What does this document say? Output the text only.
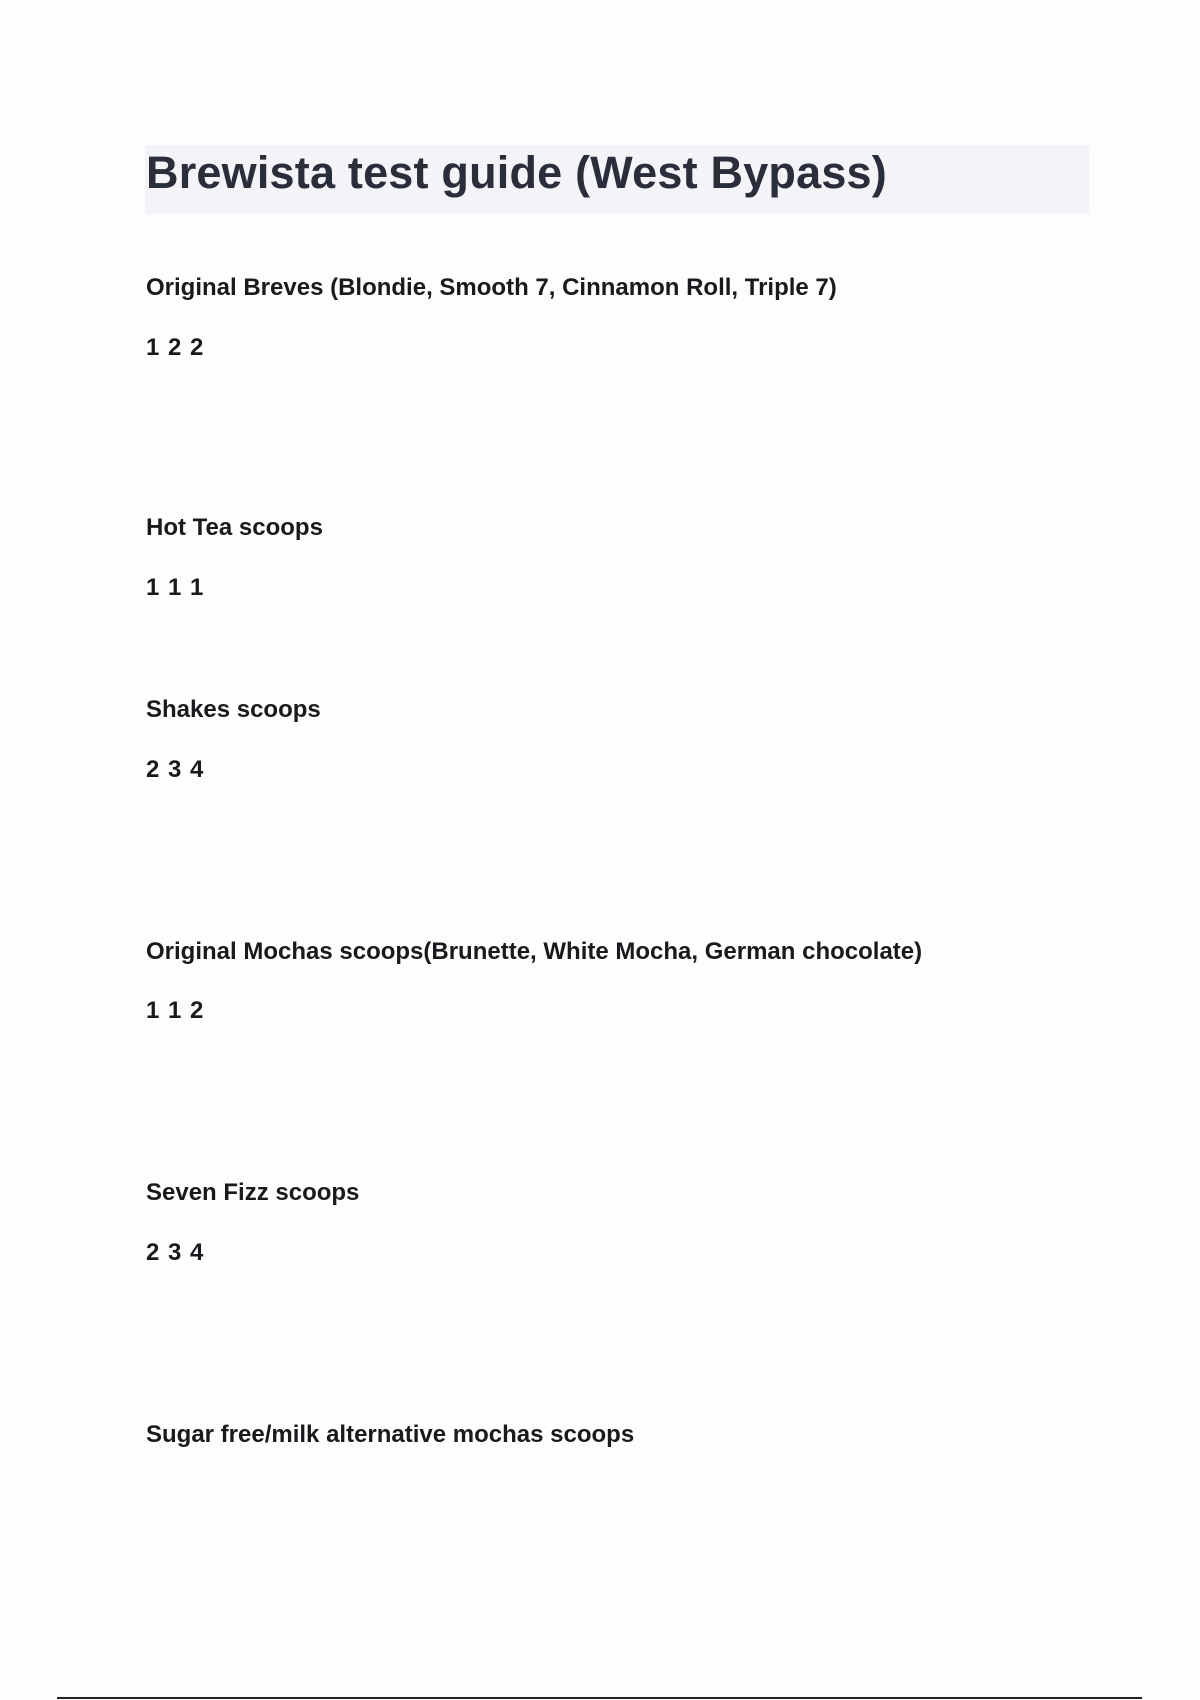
Brewista test guide (West Bypass)

Original Breves (Blondie, Smooth 7, Cinnamon Roll, Triple 7)

1 2 2

Hot Tea scoops

1 1 1

Shakes scoops

2 3 4

Original Mochas scoops(Brunette, White Mocha, German chocolate)

1 1 2

Seven Fizz scoops

2 3 4

Sugar free/milk alternative mochas scoops
